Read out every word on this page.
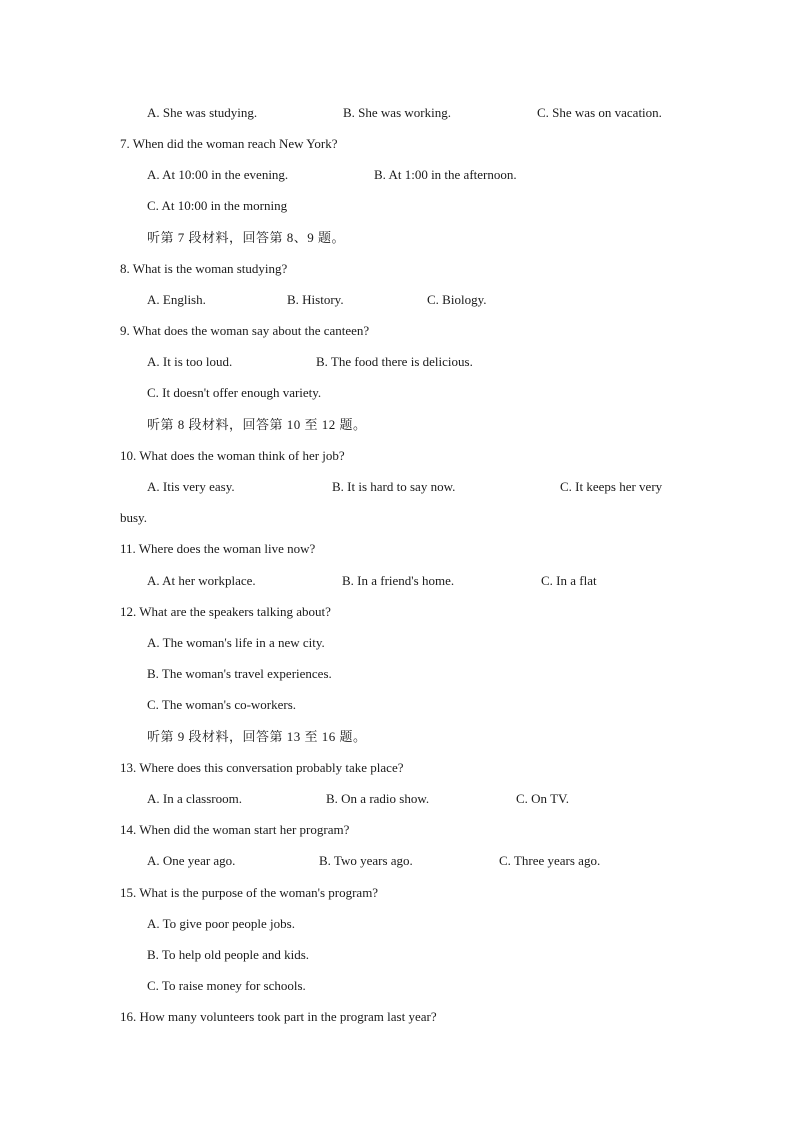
A. She was studying.	B. She was working.	C. She was on vacation.
7. When did the woman reach New York?
A. At 10:00 in the evening.	B. At 1:00 in the afternoon.
C. At 10:00 in the morning
听第 7 段材料，回答第 8、9 题。
8. What is the woman studying?
A. English.	B. History.	C. Biology.
9. What does the woman say about the canteen?
A. It is too loud.	B. The food there is delicious.
C. It doesn't offer enough variety.
听第 8 段材料，回答第 10 至 12 题。
10. What does the woman think of her job?
A. Itis very easy.	B. It is hard to say now.	C. It keeps her very
busy.
11. Where does the woman live now?
A. At her workplace.	B. In a friend's home.	C. In a flat
12. What are the speakers talking about?
A. The woman's life in a new city.
B. The woman's travel experiences.
C. The woman's co-workers.
听第 9 段材料，回答第 13 至 16 题。
13. Where does this conversation probably take place?
A. In a classroom.	B. On a radio show.	C. On TV.
14. When did the woman start her program?
A. One year ago.	B. Two years ago.	C. Three years ago.
15. What is the purpose of the woman's program?
A. To give poor people jobs.
B. To help old people and kids.
C. To raise money for schools.
16. How many volunteers took part in the program last year?
